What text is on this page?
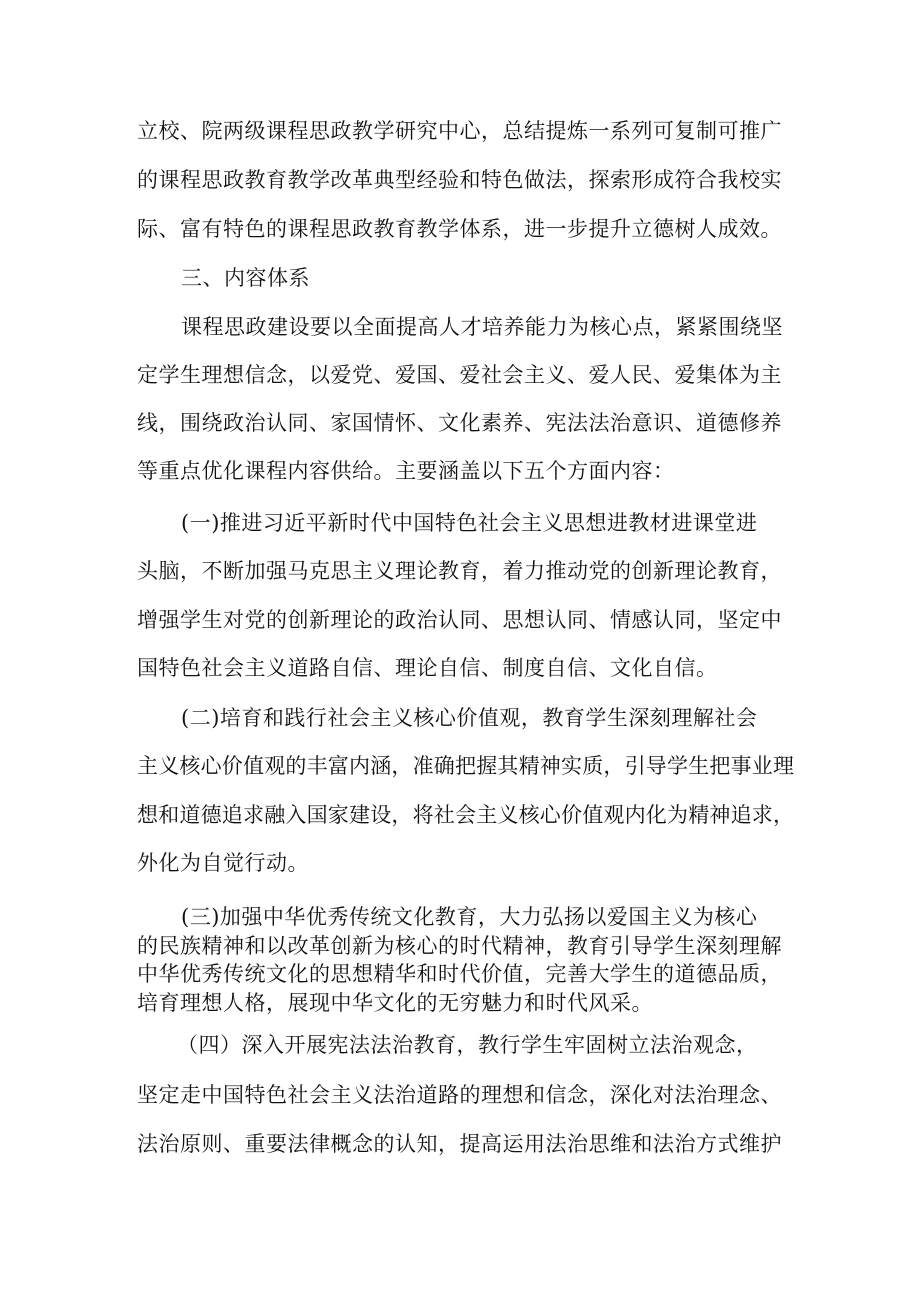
立校、院两级课程思政教学研究中心，总结提炼一系列可复制可推广
的课程思政教育教学改革典型经验和特色做法，探索形成符合我校实
际、富有特色的课程思政教育教学体系，进一步提升立德树人成效。
三、内容体系
课程思政建设要以全面提高人才培养能力为核心点，紧紧围绕坚
定学生理想信念，以爱党、爱国、爱社会主义、爱人民、爱集体为主
线，围绕政治认同、家国情怀、文化素养、宪法法治意识、道德修养
等重点优化课程内容供给。主要涵盖以下五个方面内容：
(一)推进习近平新时代中国特色社会主义思想进教材进课堂进
头脑，不断加强马克思主义理论教育，着力推动党的创新理论教育，
增强学生对党的创新理论的政治认同、思想认同、情感认同，坚定中
国特色社会主义道路自信、理论自信、制度自信、文化自信。
(二)培育和践行社会主义核心价值观，教育学生深刻理解社会
主义核心价值观的丰富内涵，准确把握其精神实质，引导学生把事业理
想和道德追求融入国家建设，将社会主义核心价值观内化为精神追求，
外化为自觉行动。
(三)加强中华优秀传统文化教育，大力弘扬以爱国主义为核心
的民族精神和以改革创新为核心的时代精神，教育引导学生深刻理解
中华优秀传统文化的思想精华和时代价值，完善大学生的道德品质，
培育理想人格，展现中华文化的无穷魅力和时代风采。
（四）深入开展宪法法治教育，教行学生牢固树立法治观念，
坚定走中国特色社会主义法治道路的理想和信念，深化对法治理念、
法治原则、重要法律概念的认知，提高运用法治思维和法治方式维护
